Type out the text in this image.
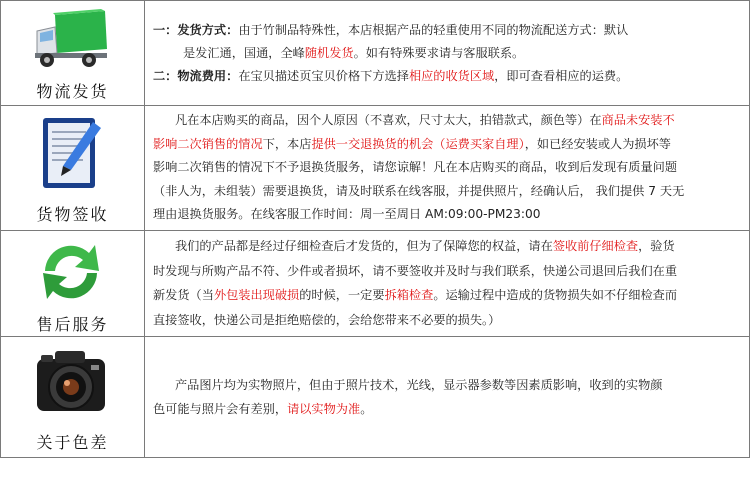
物流发货
一：发货方式：由于竹制品特殊性，本店根据产品的轻重使用不同的物流配送方式：默认
是发汇通，国通，全峰随机发货。如有特殊要求请与客服联系。
二：物流费用：在宝贝描述页宝贝价格下方选择相应的收货区域，即可查看相应的运费。
货物签收
凡在本店购买的商品，因个人原因（不喜欢，尺寸太大，拍错款式，颜色等）在商品未安装不
影响二次销售的情况下，本店提供一交退换货的机会（运费买家自理），如已经安装或人为损坏等
影响二次销售的情况下不予退换货服务，请您谅解！凡在本店购买的商品，收到后发现有质量问题
（非人为，未组装）需要退换货，请及时联系在线客服，并提供照片，经确认后， 我们提供 7 天无
理由退换货服务。在线客服工作时间：周一至周日 AM:09:00-PM23:00
售后服务
我们的产品都是经过仔细检查后才发货的，但为了保障您的权益，请在签收前仔细检查，验货
时发现与所购产品不符、少件或者损坏，请不要签收并及时与我们联系，快递公司退回后我们在重
新发货（当外包装出现破损的时候，一定要拆箱检查。运输过程中造成的货物损失如不仔细检查而
直接签收，快递公司是拒绝赔偿的，会给您带来不必要的损失。）
关于色差
产品图片均为实物照片，但由于照片技术，光线，显示器参数等因素质影响，收到的实物颜
色可能与照片会有差别，请以实物为准。
